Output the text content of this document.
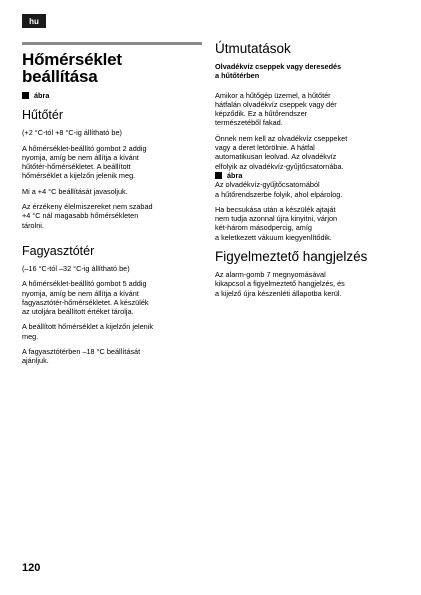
hu
Hőmérséklet
beállítása
ábra
Hűtőtér

(+2 °C-tól +8 °C-ig állítható be)

A hőmérséklet-beállító gombot 2 addig
nyomja, amíg be nem állítja a kívánt
hűtőtér-hőmérsékletet. A beállított
hőmérséklet a kijelzőn jelenik meg.

Mi a +4 °C beállítását javasoljuk.

Az érzékeny élelmiszereket nem szabad
+4 °C nál magasabb hőmérsékleten
tárolni.

Fagyasztótér

(–16 °C-tól –32 °C-ig állítható be)

A hőmérséklet-beállító gombot 5 addig
nyomja, amíg be nem állítja a kívánt
fagyasztótér-hőmérsékletet. A készülék
az utoljára beállított értéket tárolja.

A beállított hőmérséklet a kijelzőn jelenik
meg.

A fagyasztótérben –18 °C beállítását
ajánljuk.

Útmutatások

Olvadékvíz cseppek vagy deresedés
a hűtőtérben

Amikor a hűtőgép üzemel, a hűtőtér
hátfalán olvadékvíz cseppek vagy dér
képződik. Ez a hűtőrendszer
természetéből fakad.

Önnek nem kell az olvadékvíz cseppeket
vagy a deret letörölnie. A hátfal
automatikusan leolvad. Az olvadékvíz
elfolyik az olvadékvíz-gyűjtőcsatornába.

ábra

Az olvadékvíz-gyűjtőcsatornából
a hűtőrendszerbe folyik, ahol elpárolog.

Ha becsukása után a készülék ajtaját
nem tudja azonnal újra kinyitni, várjon
két-három másodpercig, amíg
a keletkezett vákuum kiegyenlítődik.

Figyelmeztető hangjelzés

Az alarm-gomb 7 megnyomásával
kikapcsol a figyelmeztető hangjelzés, és
a kijelző újra készenléti állapotba kerül.

120
